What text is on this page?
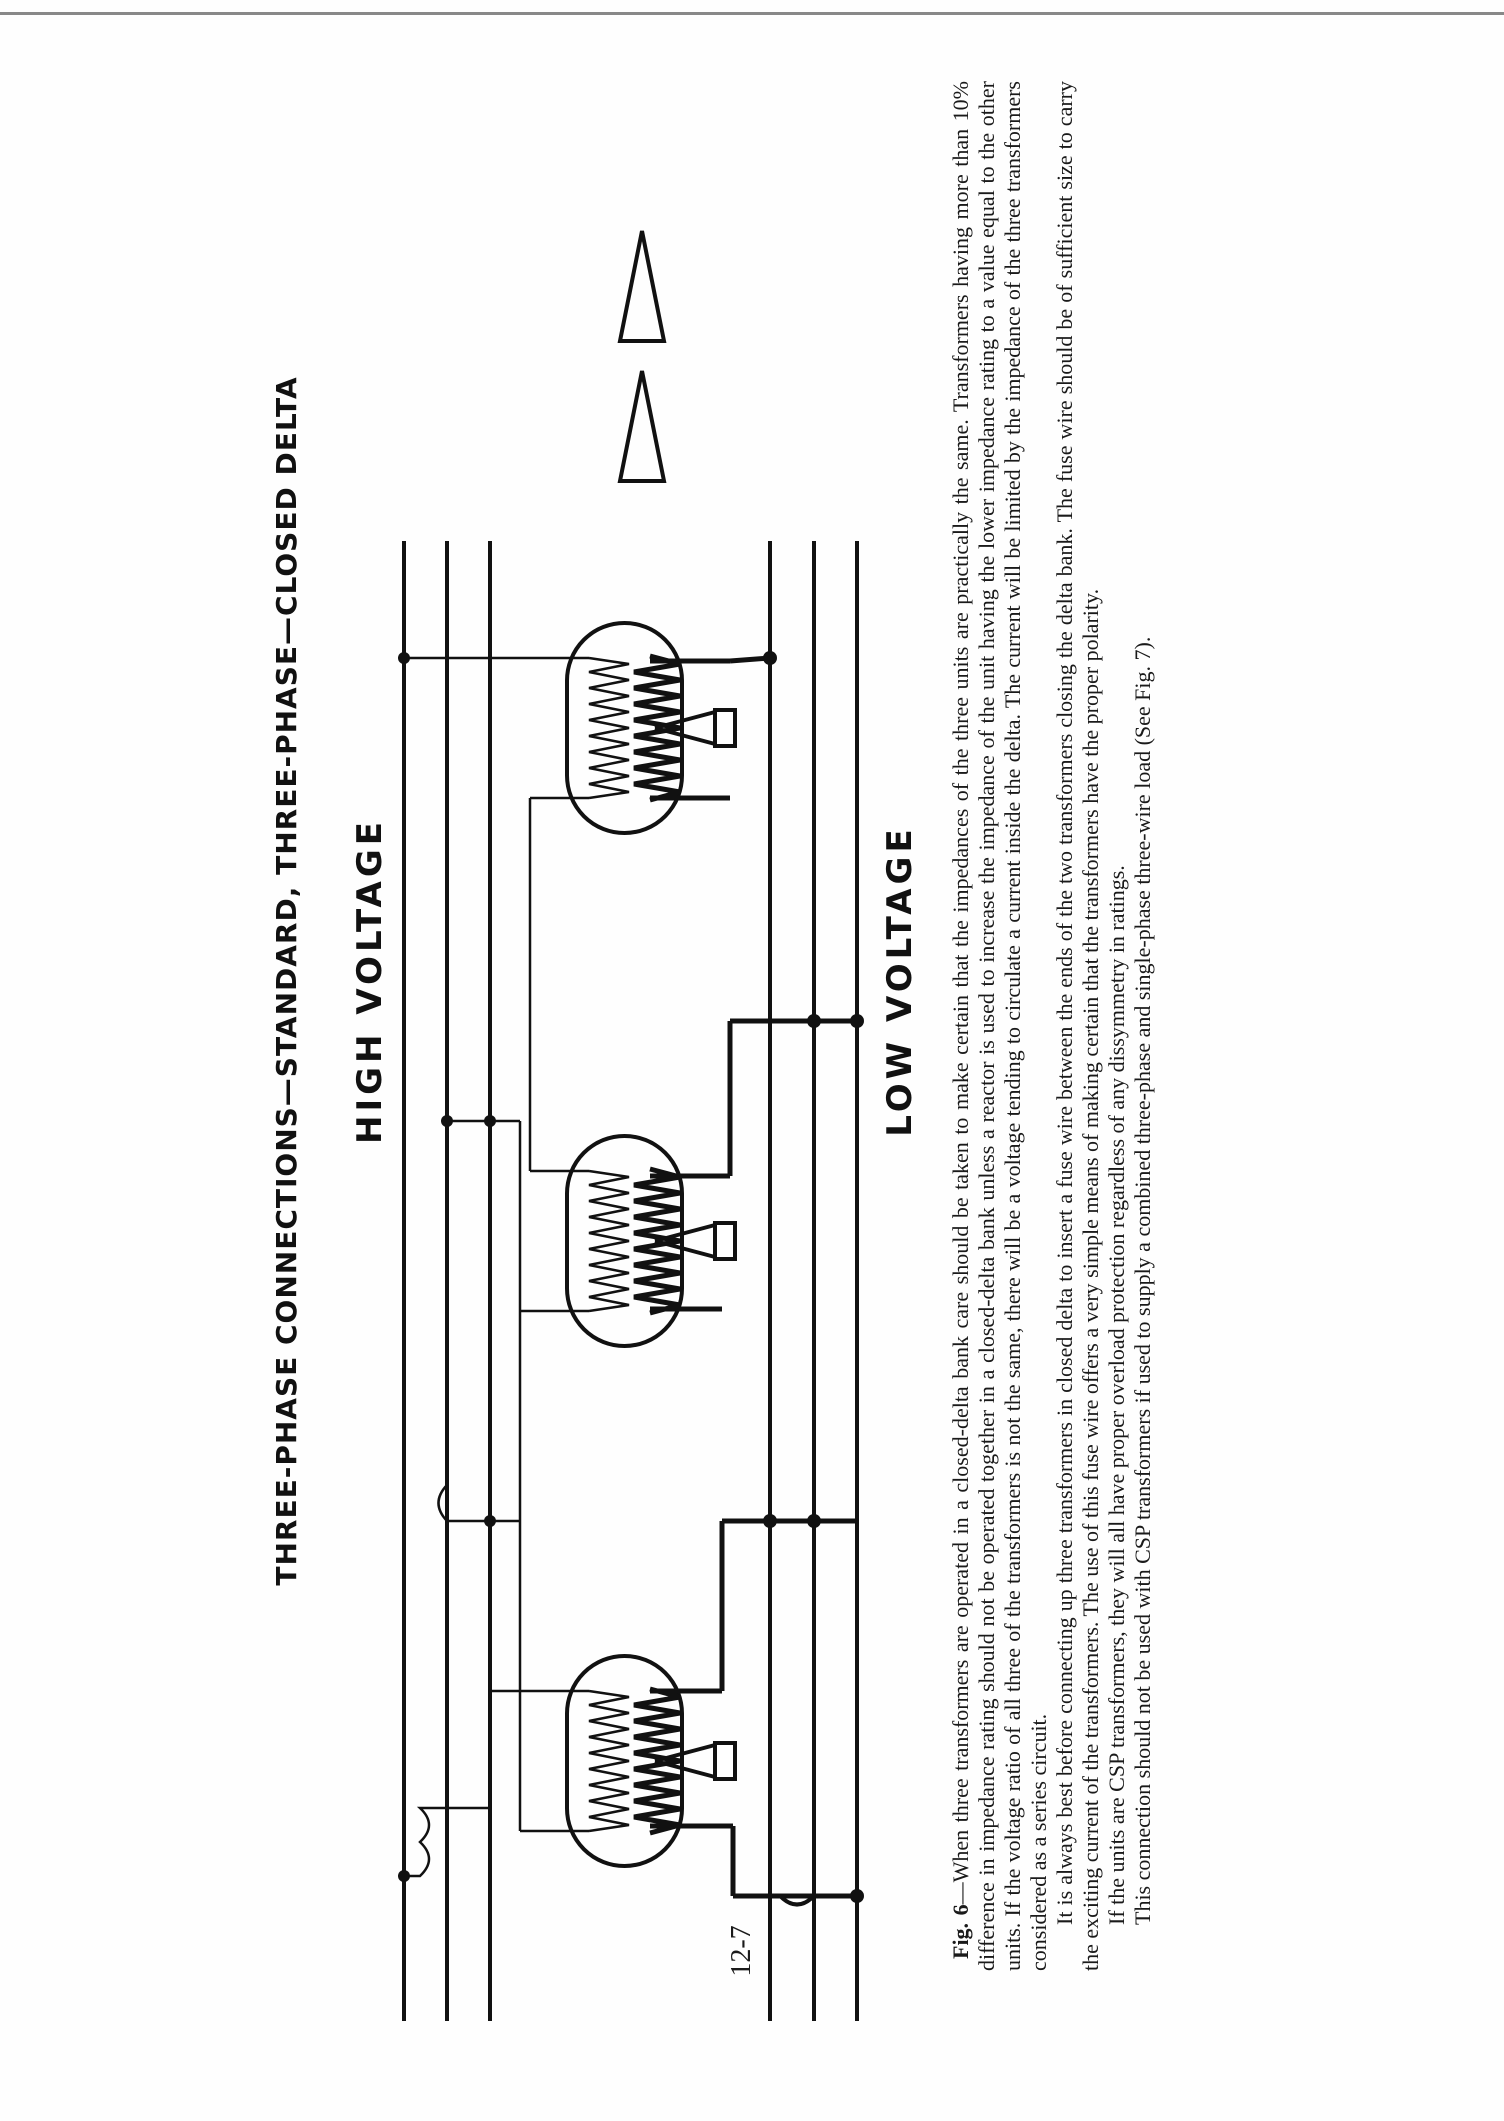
THREE-PHASE CONNECTIONS—STANDARD, THREE-PHASE—CLOSED DELTA HIGH VOLTAGE	LOW VOLTAGE

Fig. 6—When three transformers are operated in a closed-delta bank care should be taken to make certain that the impedances of the three units are practically the same. Transformers having more than 10% difference in impedance rating should not be operated together in a closed-delta bank unless a reactor is used to increase the impedance of the unit having the lower impedance rating to a value equal to the other units. If the voltage ratio of all three of the transformers is not the same, there will be a voltage tending to circulate a current inside the delta. The current will be limited by the impedance of the three transformers considered as a series circuit. It is always best before connecting up three transformers in closed delta to insert a fuse wire between the ends of the two transformers closing the delta bank. The fuse wire should be of sufficient size to carry the exciting current of the transformers. The use of this fuse wire offers a very simple means of making certain that the transformers have the proper polarity. If the units are CSP transformers, they will all have proper overload protection regardless of any dissymmetry in ratings. This connection should not be used with CSP transformers if used to supply a combined three-phase and single-phase three-wire load (See Fig. 7).

12-7
